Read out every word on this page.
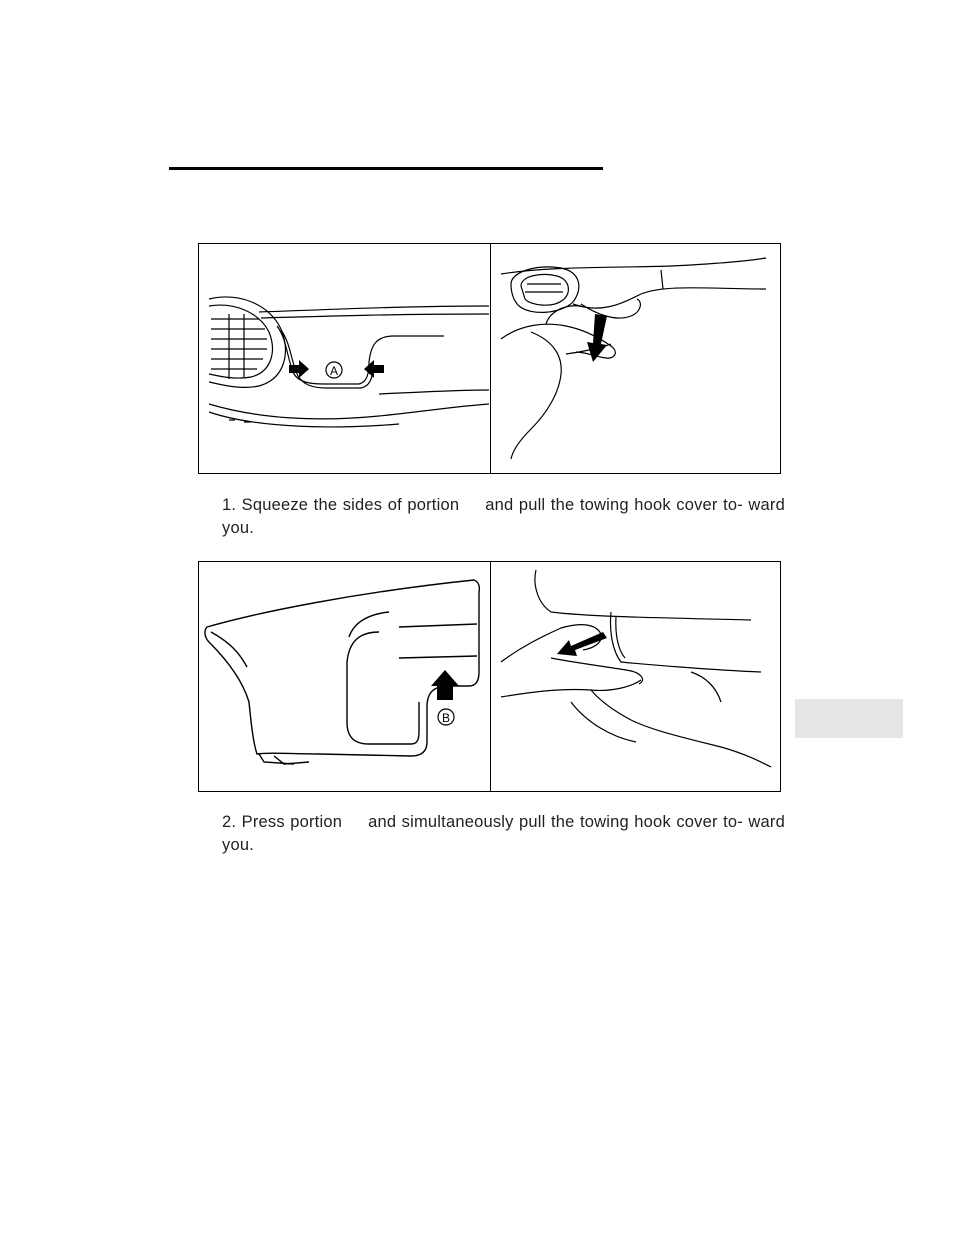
A
1. Squeeze the sides of portion and pull the towing hook cover to- ward you.
B
2. Press portion and simultaneously pull the towing hook cover to- ward you.
